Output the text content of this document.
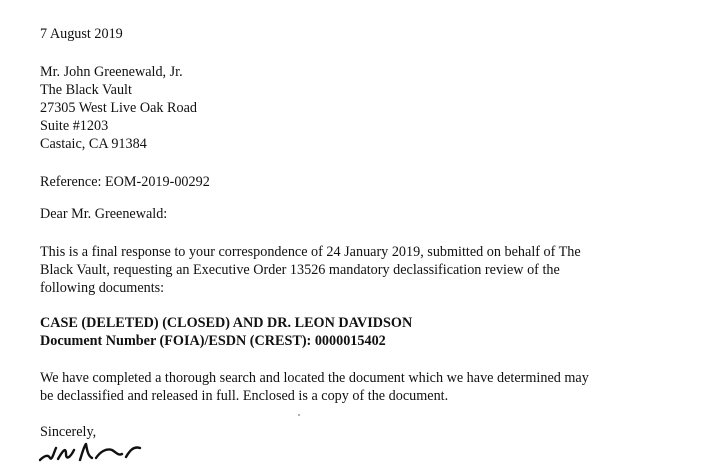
7 August 2019
Mr. John Greenewald, Jr.
The Black Vault
27305 West Live Oak Road
Suite #1203
Castaic, CA 91384
Reference: EOM-2019-00292
Dear Mr. Greenewald:
This is a final response to your correspondence of 24 January 2019, submitted on behalf of The
Black Vault, requesting an Executive Order 13526 mandatory declassification review of the
following documents:
CASE (DELETED) (CLOSED) AND DR. LEON DAVIDSON
Document Number (FOIA)/ESDN (CREST): 0000015402
We have completed a thorough search and located the document which we have determined may
be declassified and released in full. Enclosed is a copy of the document.
Sincerely,
